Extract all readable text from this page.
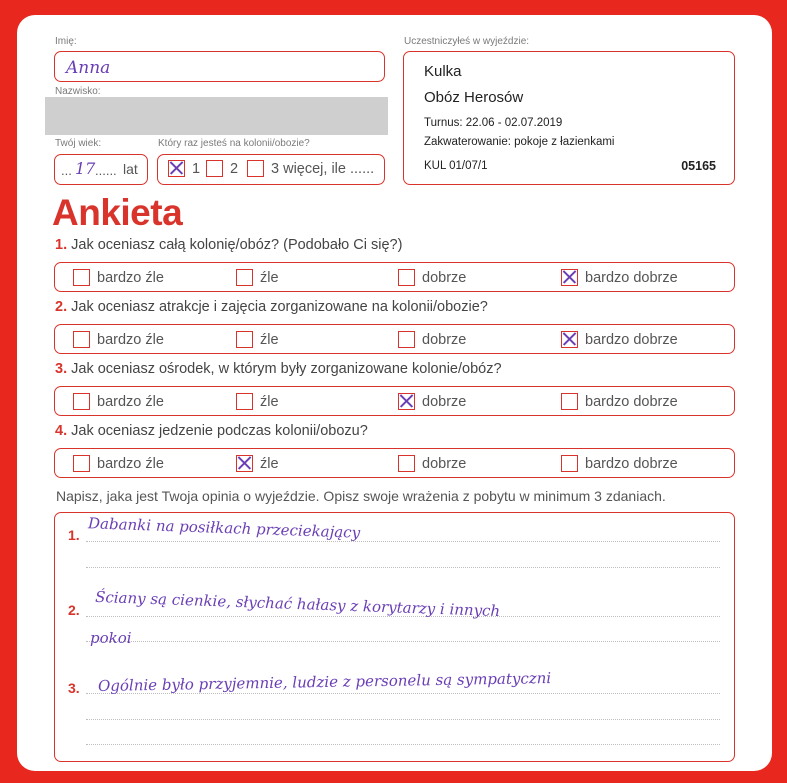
Imię:
Anna
Nazwisko:
Twój wiek:
... 17 ...... lat
Który raz jesteś na kolonii/obozie?
1 2 3 więcej, ile ......
Uczestniczyłeś w wyjeździe:
Kulka
Obóz Herosów
Turnus: 22.06 - 02.07.2019
Zakwaterowanie: pokoje z łazienkami
KUL 01/07/1	05165
Ankieta
1. Jak oceniasz całą kolonię/obóz? (Podobało Ci się?)
bardzo źle	źle	dobrze	bardzo dobrze
2. Jak oceniasz atrakcje i zajęcia zorganizowane na kolonii/obozie?
bardzo źle	źle	dobrze	bardzo dobrze
3. Jak oceniasz ośrodek, w którym były zorganizowane kolonie/obóz?
bardzo źle	źle	dobrze	bardzo dobrze
4. Jak oceniasz jedzenie podczas kolonii/obozu?
bardzo źle	źle	dobrze	bardzo dobrze
Napisz, jaka jest Twoja opinia o wyjeździe. Opisz swoje wrażenia z pobytu w minimum 3 zdaniach.
1. Dabanki na posiłkach przeciekający
2. Ściany są cienkie, słychać hałasy z korytarzy i innych
pokoi
3. Ogólnie było przyjemnie, ludzie z personelu są sympatyczni
